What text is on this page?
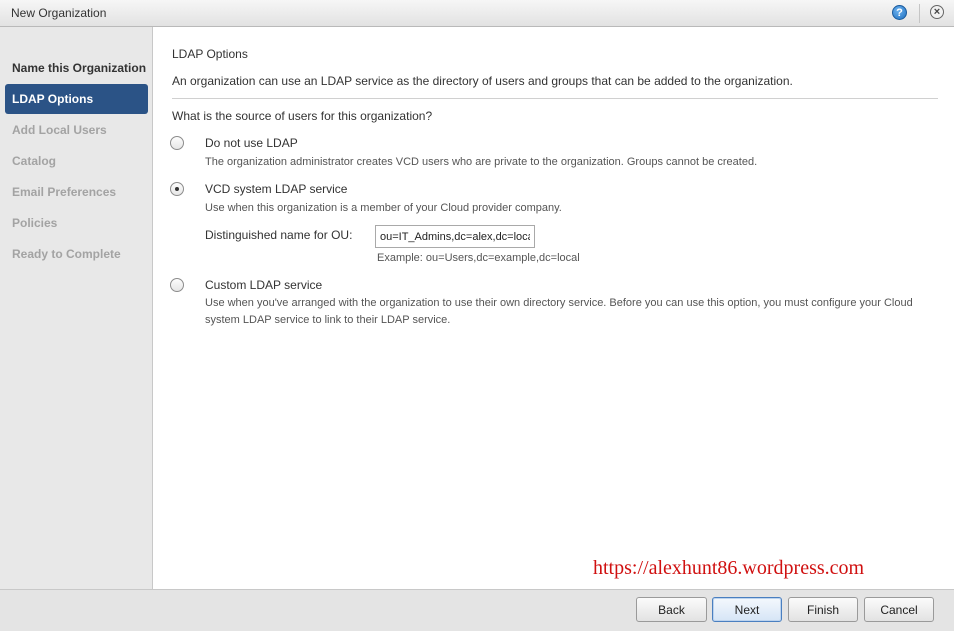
New Organization	?	×
Name this Organization
LDAP Options
Add Local Users
Catalog
Email Preferences
Policies
Ready to Complete
LDAP Options
An organization can use an LDAP service as the directory of users and groups that can be added to the organization.
What is the source of users for this organization?
Do not use LDAP
The organization administrator creates VCD users who are private to the organization. Groups cannot be created.
VCD system LDAP service
Use when this organization is a member of your Cloud provider company.
Distinguished name for OU:
ou=IT_Admins,dc=alex,dc=local
Example: ou=Users,dc=example,dc=local
Custom LDAP service
Use when you've arranged with the organization to use their own directory service. Before you can use this option, you must configure your Cloud system LDAP service to link to their LDAP service.
https://alexhunt86.wordpress.com
Back	Next	Finish	Cancel
